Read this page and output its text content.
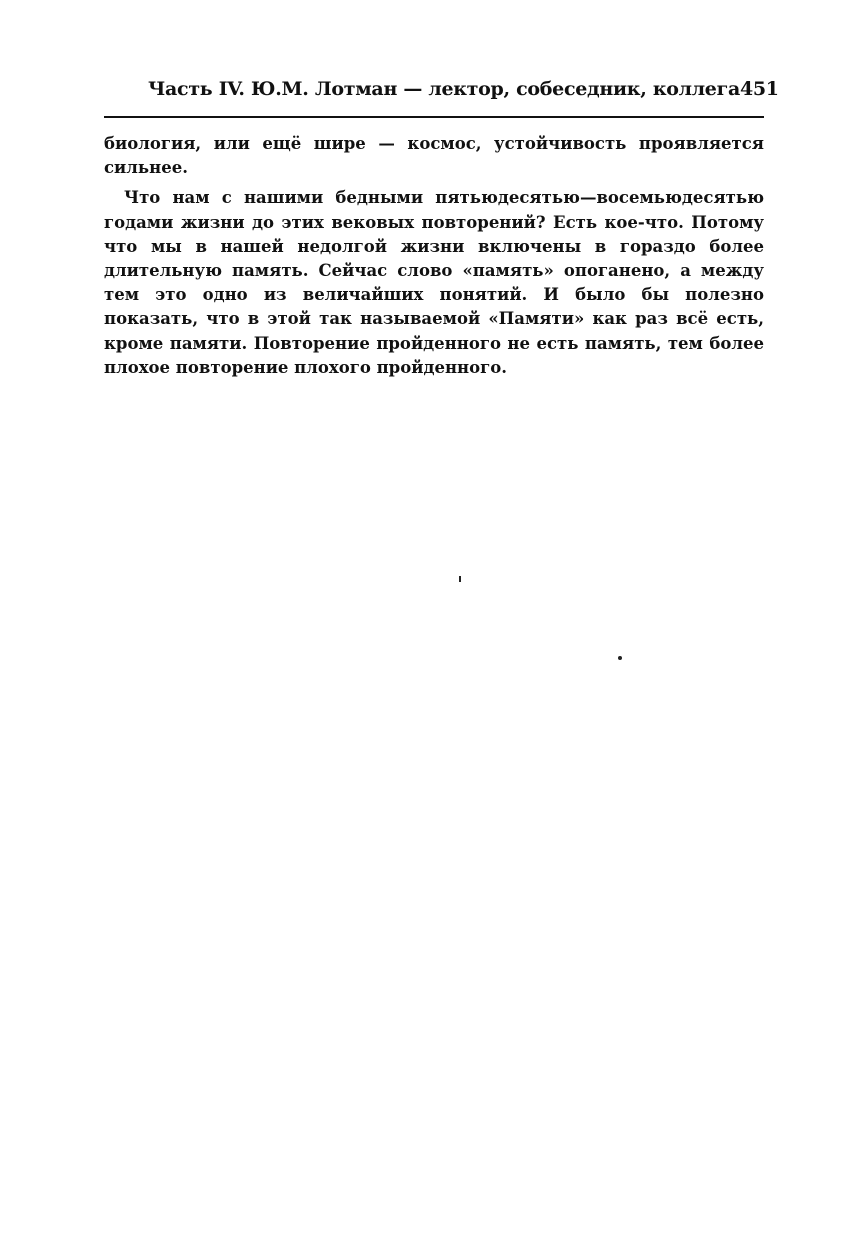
Часть IV. Ю.М. Лотман — лектор, собеседник, коллега 451

биология, или ещё шире — космос, устойчивость проявляется сильнее.

Что нам с нашими бедными пятьюдесятью—восемьюдесятью годами жизни до этих вековых повторений? Есть кое-что. Потому что мы в нашей недолгой жизни включены в гораздо более длительную память. Сейчас слово «память» опоганено, а между тем это одно из величайших понятий. И было бы полезно показать, что в этой так называемой «Памяти» как раз всё есть, кроме памяти. Повторение пройденного не есть память, тем более плохое повторение плохого пройденного.
